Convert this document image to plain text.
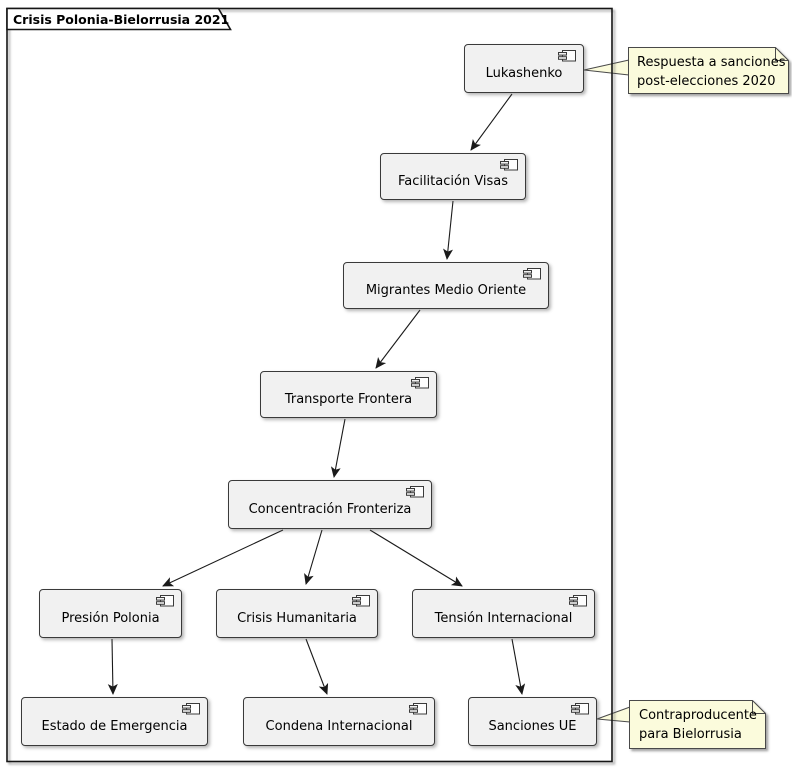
Crisis Polonia-Bielorrusia 2021
Lukashenko
Facilitación Visas
Migrantes Medio Oriente
Transporte Frontera
Concentración Fronteriza
Presión Polonia	Crisis Humanitaria	Tensión Internacional
Estado de Emergencia	Condena Internacional	Sanciones UE
Respuesta a sanciones
post-elecciones 2020
Contraproducente
para Bielorrusia
